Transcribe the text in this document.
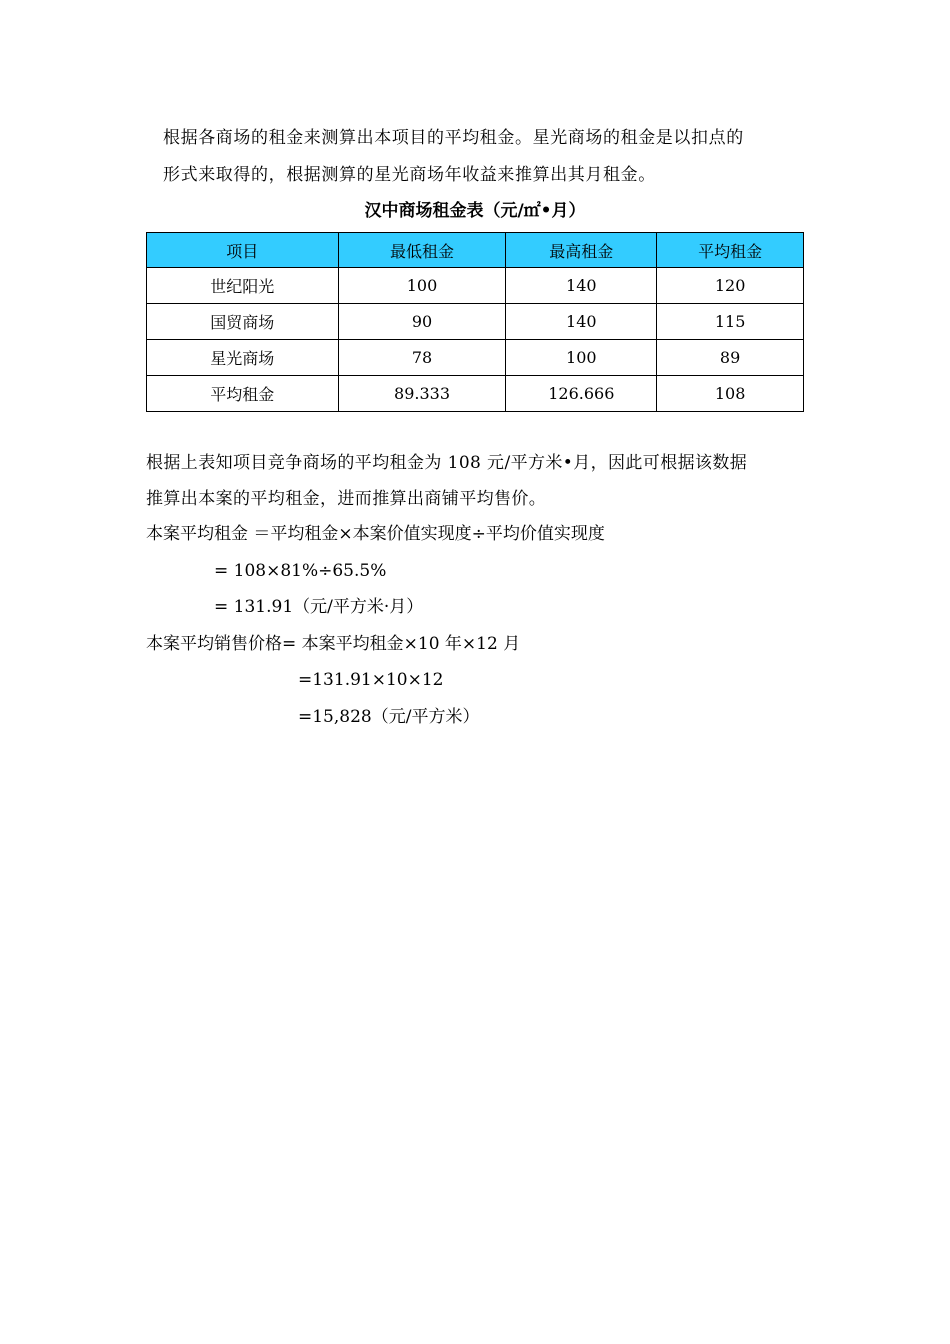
根据各商场的租金来测算出本项目的平均租金。星光商场的租金是以扣点的
形式来取得的，根据测算的星光商场年收益来推算出其月租金。
汉中商场租金表（元/㎡•月）
项目	最低租金	最高租金	平均租金
世纪阳光	100	140	120
国贸商场	90	140	115
星光商场	78	100	89
平均租金	89.333	126.666	108
根据上表知项目竞争商场的平均租金为 108 元/平方米•月，因此可根据该数据
推算出本案的平均租金，进而推算出商铺平均售价。
本案平均租金 ＝平均租金×本案价值实现度÷平均价值实现度
= 108×81%÷65.5%
= 131.91（元/平方米·月）
本案平均销售价格= 本案平均租金×10 年×12 月
=131.91×10×12
=15,828（元/平方米）
